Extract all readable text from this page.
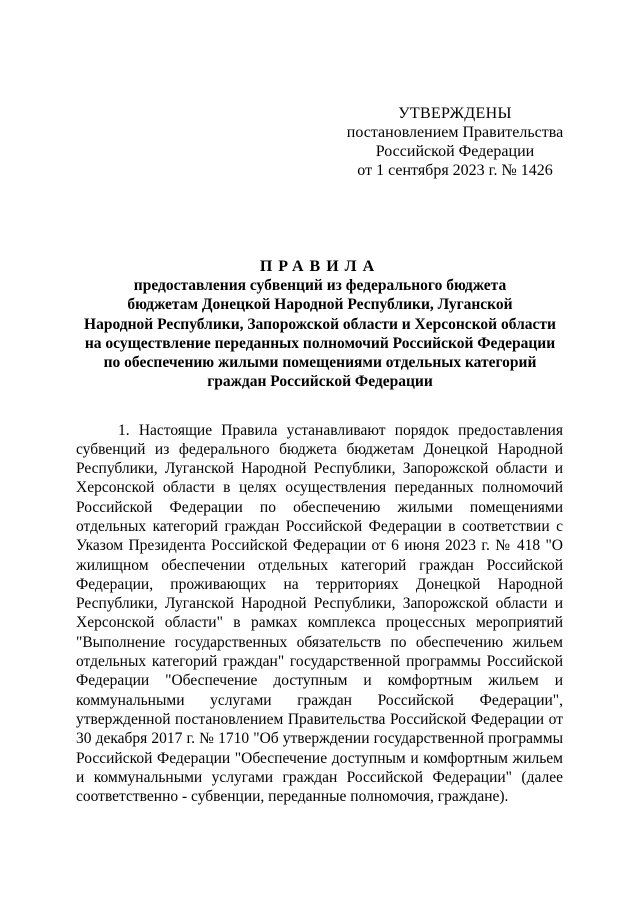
УТВЕРЖДЕНЫ
постановлением Правительства
Российской Федерации
от 1 сентября 2023 г. № 1426
ПРАВИЛА
предоставления субвенций из федерального бюджета
бюджетам Донецкой Народной Республики, Луганской
Народной Республики, Запорожской области и Херсонской области
на осуществление переданных полномочий Российской Федерации
по обеспечению жилыми помещениями отдельных категорий
граждан Российской Федерации

1. Настоящие Правила устанавливают порядок предоставления субвенций из федерального бюджета бюджетам Донецкой Народной Республики, Луганской Народной Республики, Запорожской области и Херсонской области в целях осуществления переданных полномочий Российской Федерации по обеспечению жилыми помещениями отдельных категорий граждан Российской Федерации в соответствии с Указом Президента Российской Федерации от 6 июня 2023 г. № 418 "О жилищном обеспечении отдельных категорий граждан Российской Федерации, проживающих на территориях Донецкой Народной Республики, Луганской Народной Республики, Запорожской области и Херсонской области" в рамках комплекса процессных мероприятий "Выполнение государственных обязательств по обеспечению жильем отдельных категорий граждан" государственной программы Российской Федерации "Обеспечение доступным и комфортным жильем и коммунальными услугами граждан Российской Федерации", утвержденной постановлением Правительства Российской Федерации от 30 декабря 2017 г. № 1710 "Об утверждении государственной программы Российской Федерации "Обеспечение доступным и комфортным жильем и коммунальными услугами граждан Российской Федерации" (далее соответственно - субвенции, переданные полномочия, граждане).
